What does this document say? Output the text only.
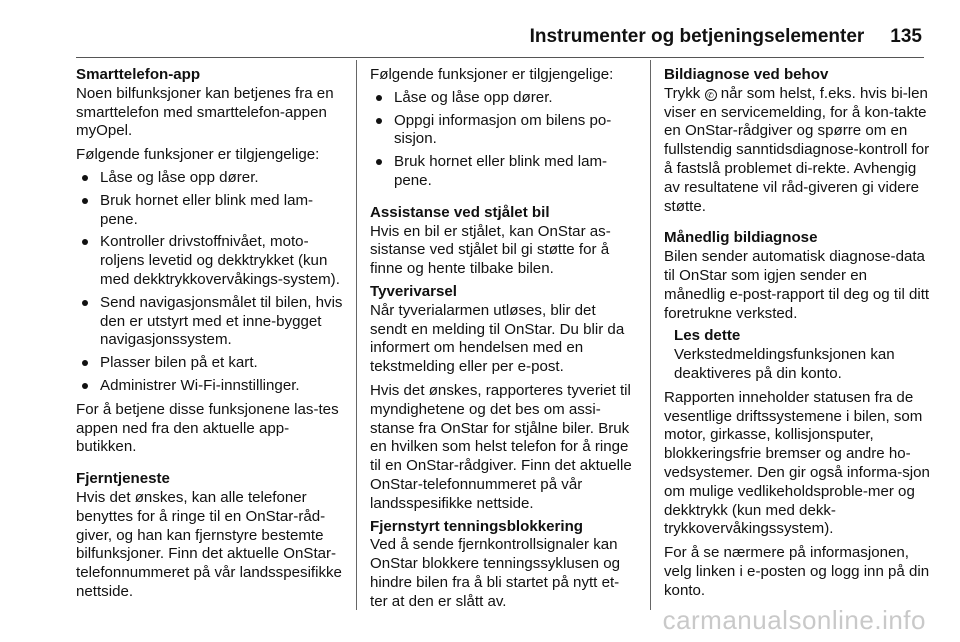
Instrumenter og betjeningselementer 135

Smarttelefon-app

Noen bilfunksjoner kan betjenes fra en smarttelefon med smarttelefon-appen myOpel.

Følgende funksjoner er tilgjengelige:

Låse og låse opp dører.
Bruk hornet eller blink med lam-pene.
Kontroller drivstoffnivået, moto-roljens levetid og dekktrykket (kun med dekktrykkovervåkings-system).
Send navigasjonsmålet til bilen, hvis den er utstyrt med et inne-bygget navigasjonssystem.
Plasser bilen på et kart.
Administrer Wi-Fi-innstillinger.

For å betjene disse funksjonene las-tes appen ned fra den aktuelle app-butikken.

Fjerntjeneste

Hvis det ønskes, kan alle telefoner benyttes for å ringe til en OnStar-råd-giver, og han kan fjernstyre bestemte bilfunksjoner. Finn det aktuelle OnStar-telefonnummeret på vår landsspesifikke nettside.

Følgende funksjoner er tilgjengelige:

Låse og låse opp dører.
Oppgi informasjon om bilens po-sisjon.
Bruk hornet eller blink med lam-pene.

Assistanse ved stjålet bil

Hvis en bil er stjålet, kan OnStar as-sistanse ved stjålet bil gi støtte for å finne og hente tilbake bilen.

Tyverivarsel

Når tyverialarmen utløses, blir det sendt en melding til OnStar. Du blir da informert om hendelsen med en tekstmelding eller per e-post.

Hvis det ønskes, rapporteres tyveriet til myndighetene og det bes om assi-stanse fra OnStar for stjålne biler. Bruk en hvilken som helst telefon for å ringe til en OnStar-rådgiver. Finn det aktuelle OnStar-telefonnummeret på vår landsspesifikke nettside.

Fjernstyrt tenningsblokkering

Ved å sende fjernkontrollsignaler kan OnStar blokkere tenningssyklusen og hindre bilen fra å bli startet på nytt et-ter at den er slått av.

Bildiagnose ved behov

Trykk ✆ når som helst, f.eks. hvis bi-len viser en servicemelding, for å kon-takte en OnStar-rådgiver og spørre om en fullstendig sanntidsdiagnose-kontroll for å fastslå problemet di-rekte. Avhengig av resultatene vil råd-giveren gi videre støtte.

Månedlig bildiagnose

Bilen sender automatisk diagnose-data til OnStar som igjen sender en månedlig e-post-rapport til deg og til ditt foretrukne verksted.

Les dette

Verkstedmeldingsfunksjonen kan deaktiveres på din konto.

Rapporten inneholder statusen fra de vesentlige driftssystemene i bilen, som motor, girkasse, kollisjonsputer, blokkeringsfrie bremser og andre ho-vedsystemer. Den gir også informa-sjon om mulige vedlikeholdsproble-mer og dekktrykk (kun med dekk-trykkovervåkingssystem).

For å se nærmere på informasjonen, velg linken i e-posten og logg inn på din konto.

carmanualsonline.info
